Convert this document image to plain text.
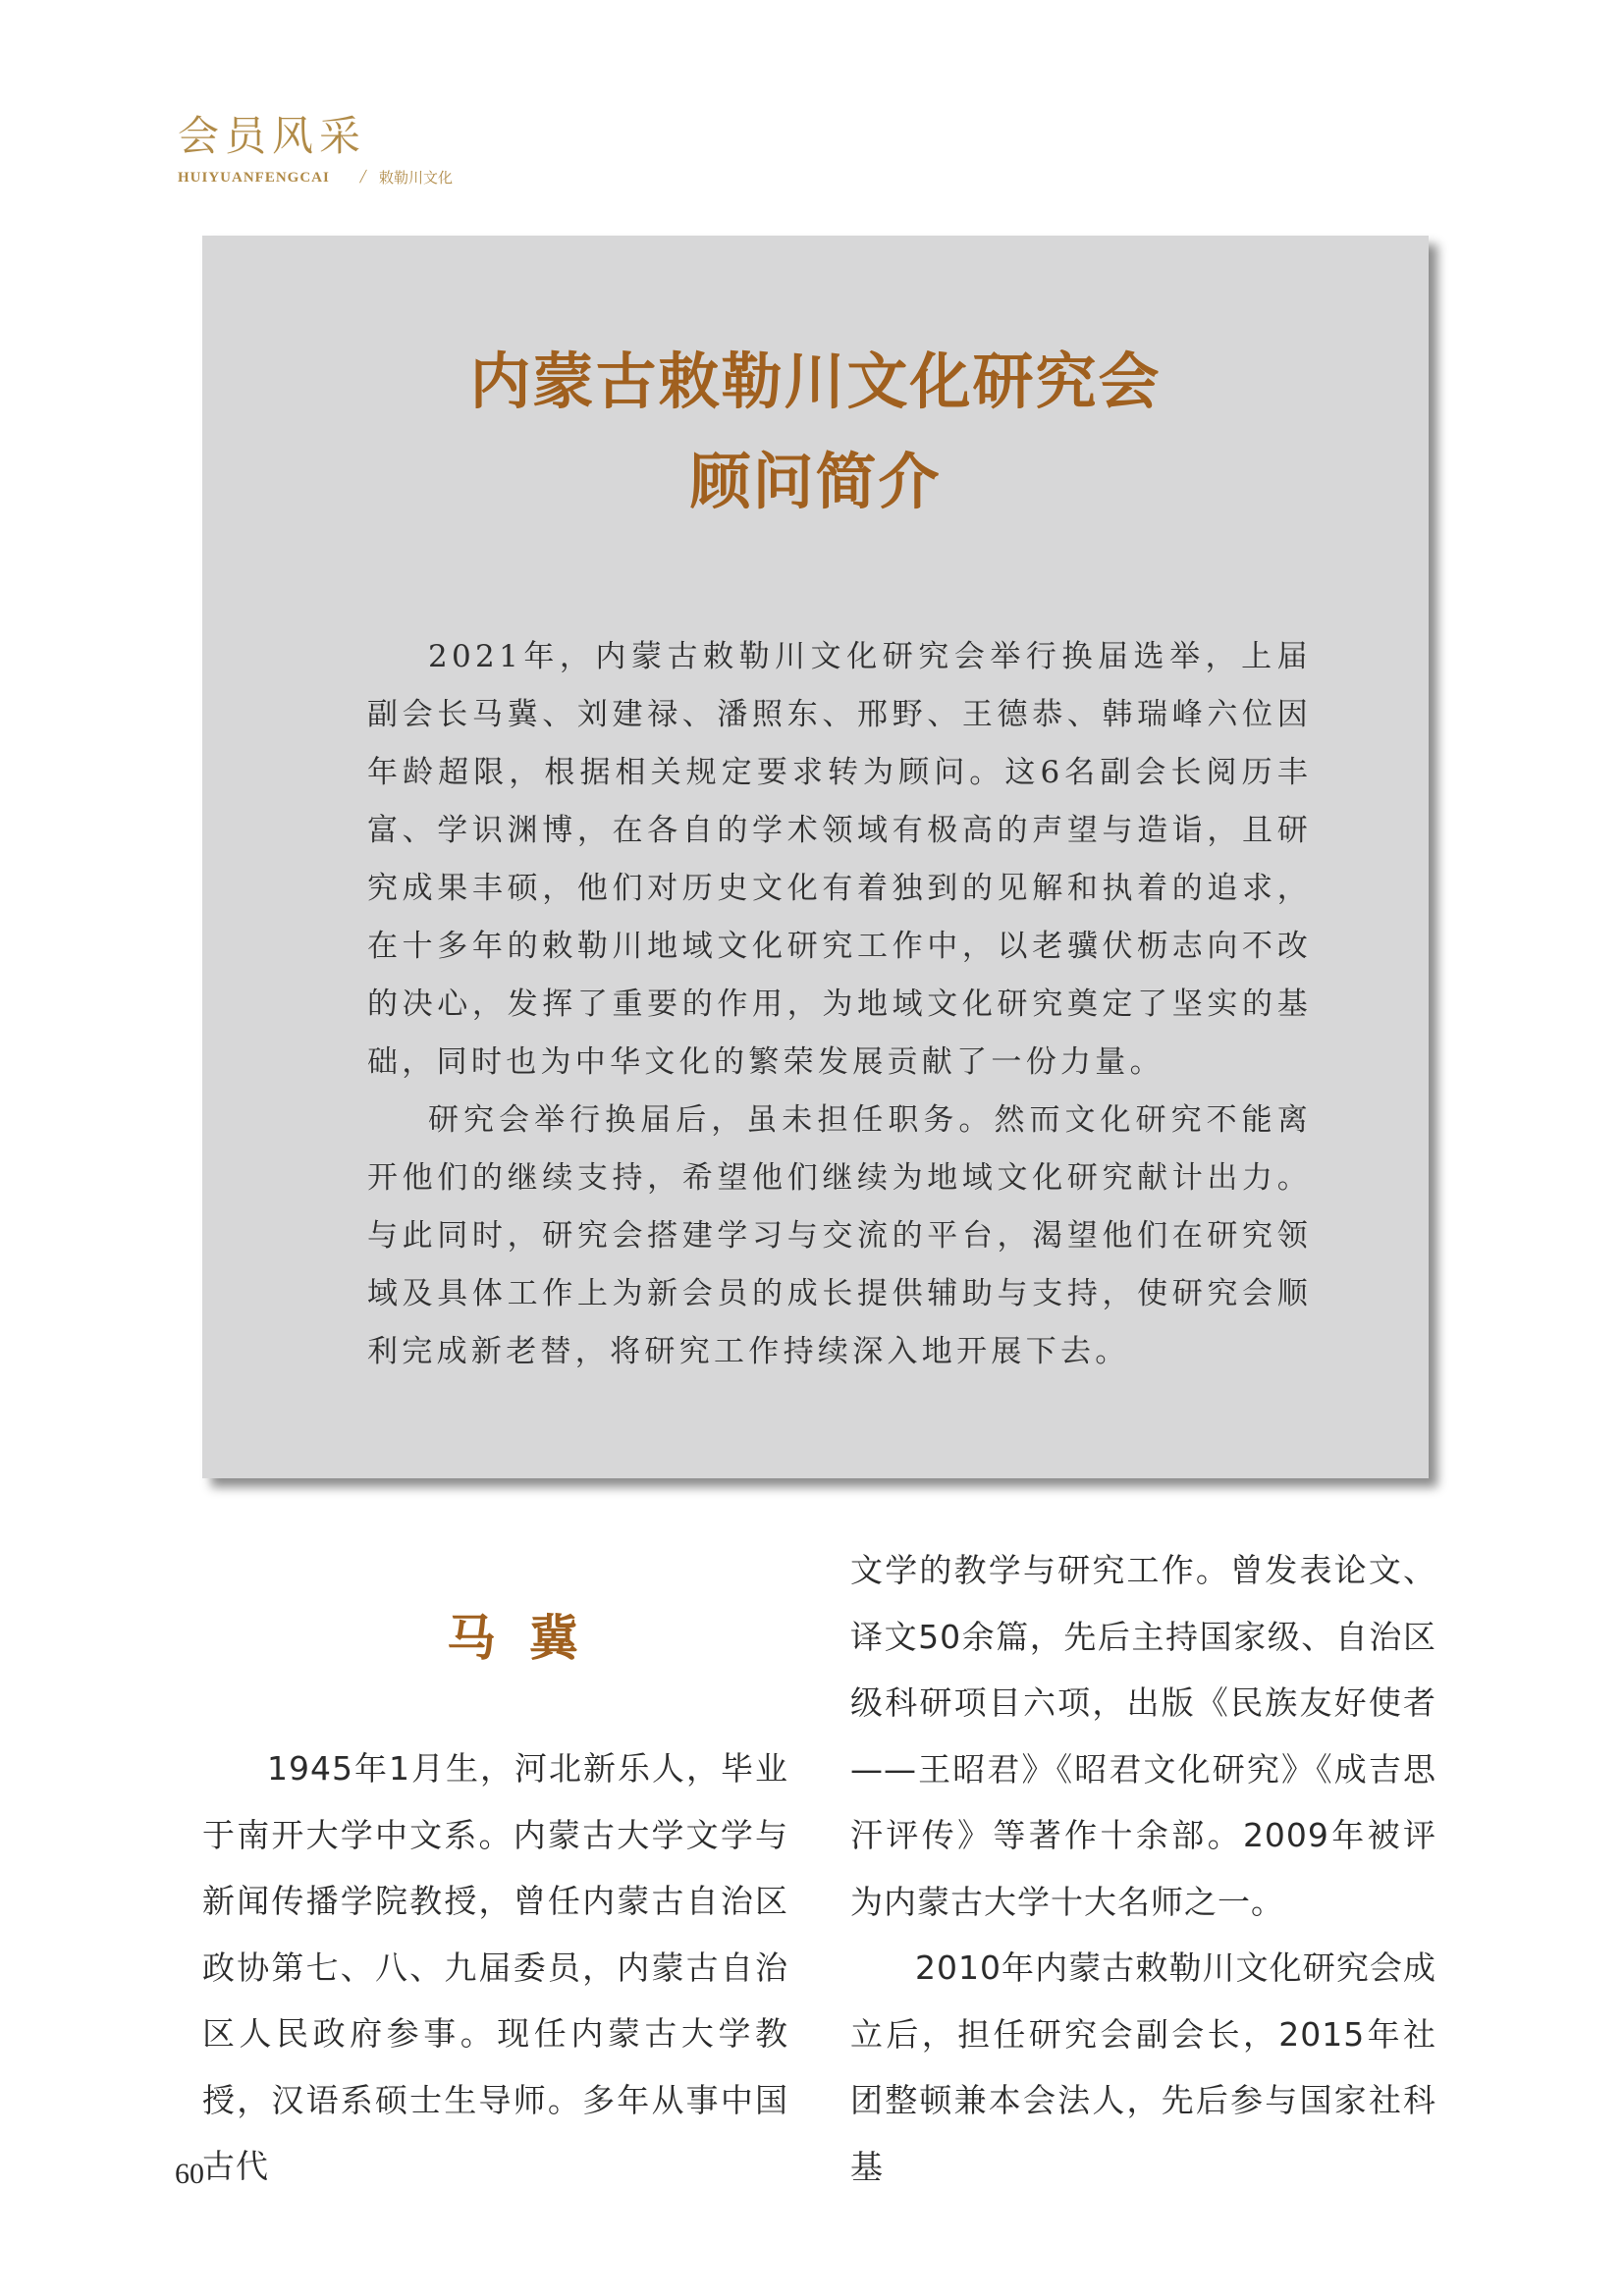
会员风采
HUIYUANFENGCAI / 敕勒川文化
内蒙古敕勒川文化研究会
顾问简介

2021年，内蒙古敕勒川文化研究会举行换届选举，上届副会长马冀、刘建禄、潘照东、邢野、王德恭、韩瑞峰六位因年龄超限，根据相关规定要求转为顾问。这6名副会长阅历丰富、学识渊博，在各自的学术领域有极高的声望与造诣，且研究成果丰硕，他们对历史文化有着独到的见解和执着的追求，在十多年的敕勒川地域文化研究工作中，以老骥伏枥志向不改的决心，发挥了重要的作用，为地域文化研究奠定了坚实的基础，同时也为中华文化的繁荣发展贡献了一份力量。

研究会举行换届后，虽未担任职务。然而文化研究不能离开他们的继续支持，希望他们继续为地域文化研究献计出力。与此同时，研究会搭建学习与交流的平台，渴望他们在研究领域及具体工作上为新会员的成长提供辅助与支持，使研究会顺利完成新老替，将研究工作持续深入地开展下去。

马冀

1945年1月生，河北新乐人，毕业于南开大学中文系。内蒙古大学文学与新闻传播学院教授，曾任内蒙古自治区政协第七、八、九届委员，内蒙古自治区人民政府参事。现任内蒙古大学教授，汉语系硕士生导师。多年从事中国古代

文学的教学与研究工作。曾发表论文、译文50余篇，先后主持国家级、自治区级科研项目六项，出版《民族友好使者——王昭君》《昭君文化研究》《成吉思汗评传》等著作十余部。2009年被评为内蒙古大学十大名师之一。

2010年内蒙古敕勒川文化研究会成立后，担任研究会副会长，2015年社团整顿兼本会法人，先后参与国家社科基

60
